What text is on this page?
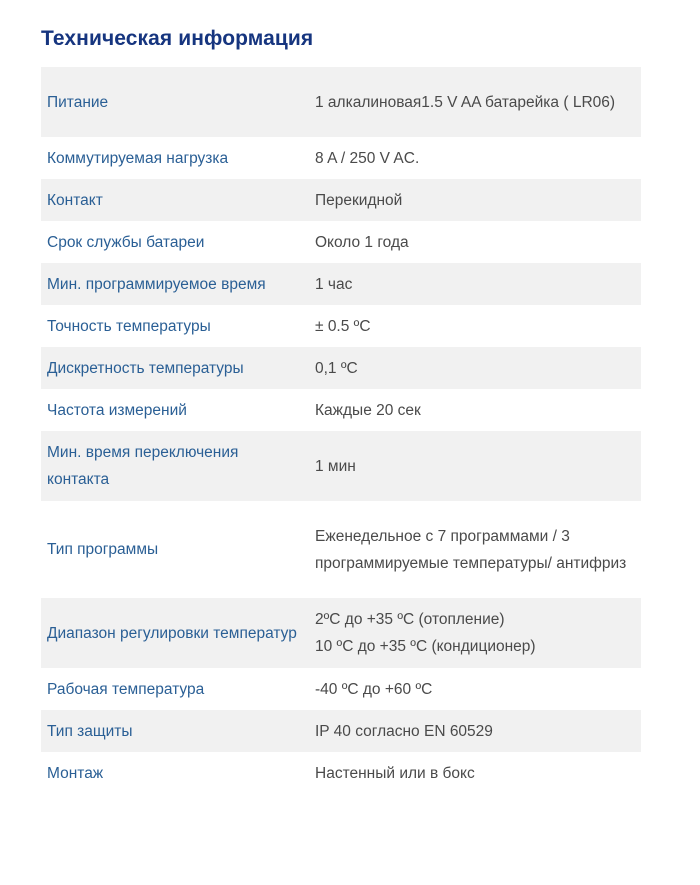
Техническая информация
Питание	1 алкалиновая1.5 V AA батарейка ( LR06)
Коммутируемая нагрузка	8 A / 250 V AC.
Контакт	Перекидной
Срок службы батареи	Около 1 года
Мин. программируемое время	1 час
Точность температуры	± 0.5 ºC
Дискретность температуры	0,1 ºC
Частота измерений	Каждые 20 сек
Мин. время переключения контакта	1 мин
Тип программы	Еженедельное с 7 программами / 3 программируемые температуры/ антифриз
Диапазон регулировки температур	2ºC до +35 ºC (отопление)
10 ºC до +35 ºC (кондиционер)

Рабочая температура	-40 ºC до +60 ºC
Тип защиты	IP 40 согласно EN 60529
Монтаж	Настенный или в бокс
